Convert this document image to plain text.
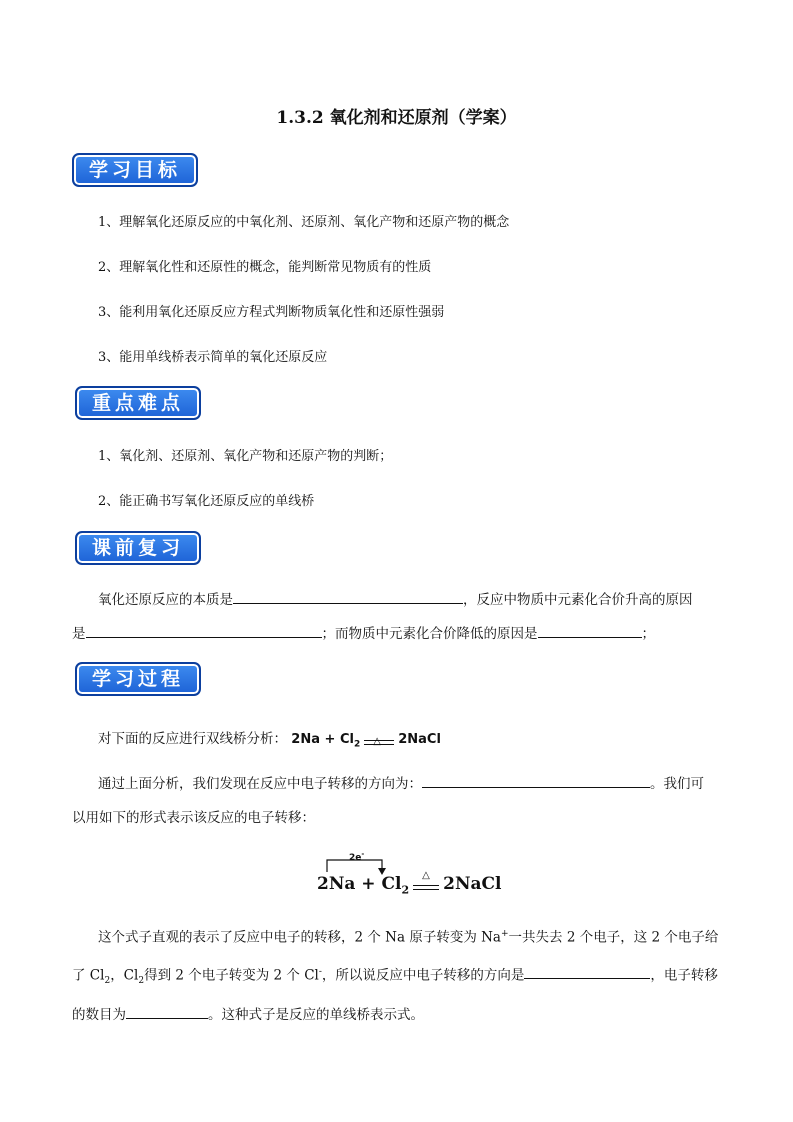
1.3.2 氧化剂和还原剂（学案）
学习目标
1、理解氧化还原反应的中氧化剂、还原剂、氧化产物和还原产物的概念
2、理解氧化性和还原性的概念，能判断常见物质有的性质
3、能利用氧化还原反应方程式判断物质氧化性和还原性强弱
3、能用单线桥表示简单的氧化还原反应
重点难点
1、氧化剂、还原剂、氧化产物和还原产物的判断；
2、能正确书写氧化还原反应的单线桥
课前复习
氧化还原反应的本质是	，反应中物质中元素化合价升高的原因
是	；而物质中元素化合价降低的原因是	；
学习过程
对下面的反应进行双线桥分析： $2Na + Cl_2$ △ 2NaCl
通过上面分析，我们发现在反应中电子转移的方向为：	。我们可
以用如下的形式表示该反应的电子转移：
2e-
$2Na + Cl_2$
△ 2NaCl
这个式子直观的表示了反应中电子的转移，2 个 Na 原子转变为 Na+一共失去 2 个电子，这 2 个电子给
了 $Cl_2$，$Cl_2$得到 2 个电子转变为 2 个 Cl-，所以说反应中电子转移的方向是	，电子转移
的数目为	。这种式子是反应的单线桥表示式。
